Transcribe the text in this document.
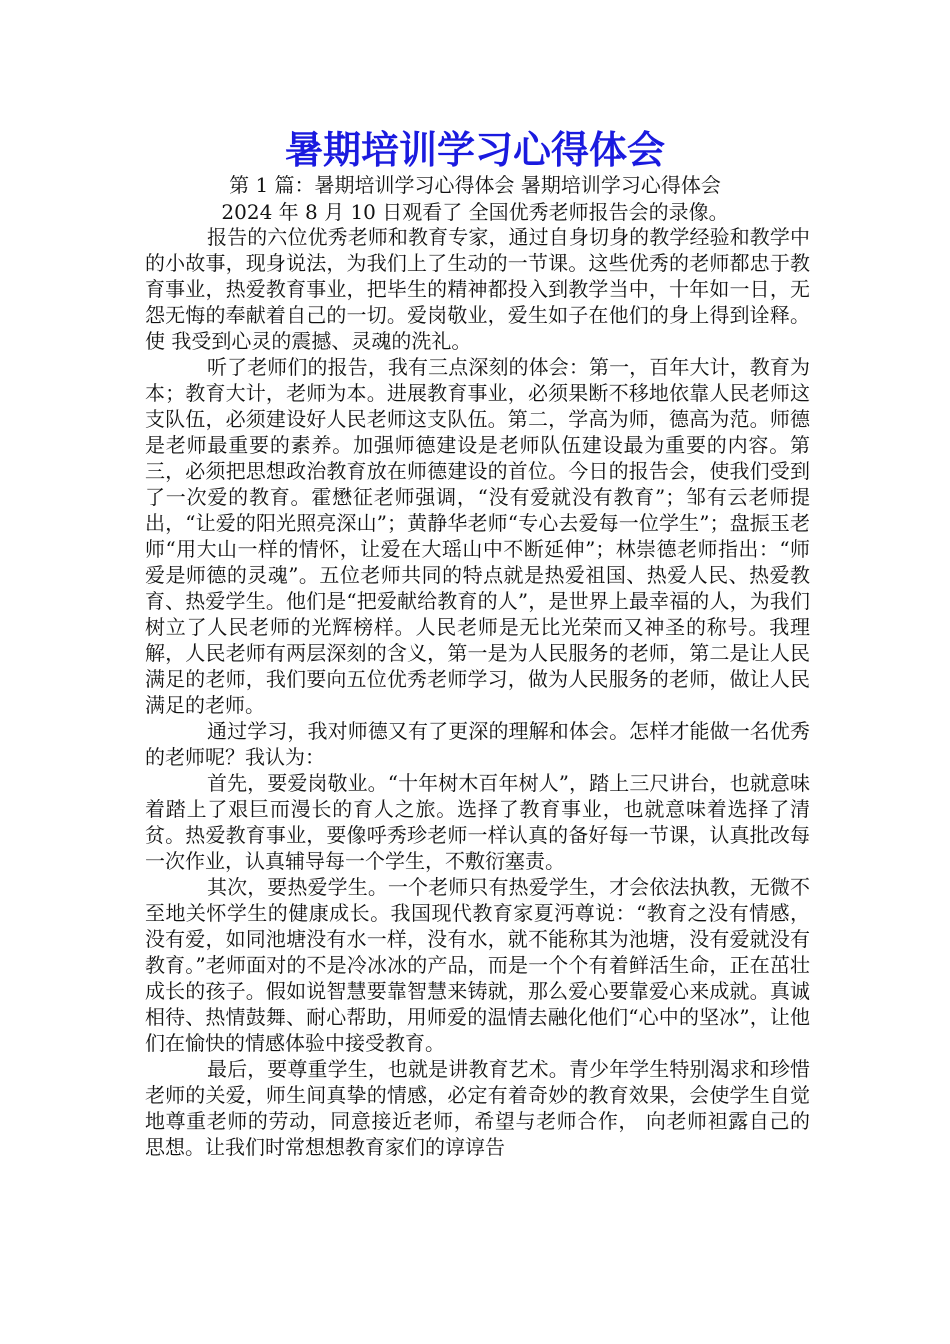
暑期培训学习心得体会
第 1 篇：暑期培训学习心得体会 暑期培训学习心得体会
2024 年 8 月 10 日观看了 全国优秀老师报告会的录像。

报告的六位优秀老师和教育专家，通过自身切身的教学经验和教学中的小故事，现身说法，为我们上了生动的一节课。这些优秀的老师都忠于教育事业，热爱教育事业，把毕生的精神都投入到教学当中，十年如一日，无怨无悔的奉献着自己的一切。爱岗敬业，爱生如子在他们的身上得到诠释。使 我受到心灵的震撼、灵魂的洗礼。

听了老师们的报告，我有三点深刻的体会：第一，百年大计，教育为本；教育大计，老师为本。进展教育事业，必须果断不移地依靠人民老师这支队伍，必须建设好人民老师这支队伍。第二，学高为师，德高为范。师德是老师最重要的素养。加强师德建设是老师队伍建设最为重要的内容。第三，必须把思想政治教育放在师德建设的首位。今日的报告会，使我们受到了一次爱的教育。霍懋征老师强调，“没有爱就没有教育”；邹有云老师提出，“让爱的阳光照亮深山”；黄静华老师“专心去爱每一位学生”；盘振玉老师“用大山一样的情怀，让爱在大瑶山中不断延伸”；林崇德老师指出：“师爱是师德的灵魂”。五位老师共同的特点就是热爱祖国、热爱人民、热爱教育、热爱学生。他们是“把爱献给教育的人”，是世界上最幸福的人，为我们树立了人民老师的光辉榜样。人民老师是无比光荣而又神圣的称号。我理解，人民老师有两层深刻的含义，第一是为人民服务的老师，第二是让人民满足的老师，我们要向五位优秀老师学习，做为人民服务的老师，做让人民满足的老师。

通过学习，我对师德又有了更深的理解和体会。怎样才能做一名优秀的老师呢？我认为：

首先，要爱岗敬业。“十年树木百年树人”，踏上三尺讲台，也就意味着踏上了艰巨而漫长的育人之旅。选择了教育事业，也就意味着选择了清贫。热爱教育事业，要像呼秀珍老师一样认真的备好每一节课，认真批改每一次作业，认真辅导每一个学生，不敷衍塞责。

其次，要热爱学生。一个老师只有热爱学生，才会依法执教，无微不至地关怀学生的健康成长。我国现代教育家夏沔尊说：“教育之没有情感，没有爱，如同池塘没有水一样，没有水，就不能称其为池塘，没有爱就没有教育。”老师面对的不是冷冰冰的产品，而是一个个有着鲜活生命，正在茁壮成长的孩子。假如说智慧要靠智慧来铸就，那么爱心要靠爱心来成就。真诚相待、热情鼓舞、耐心帮助，用师爱的温情去融化他们“心中的坚冰”，让他们在愉快的情感体验中接受教育。

最后，要尊重学生，也就是讲教育艺术。青少年学生特别渴求和珍惜老师的关爱，师生间真挚的情感，必定有着奇妙的教育效果，会使学生自觉地尊重老师的劳动，同意接近老师，希望与老师合作， 向老师袒露自己的思想。让我们时常想想教育家们的谆谆告
